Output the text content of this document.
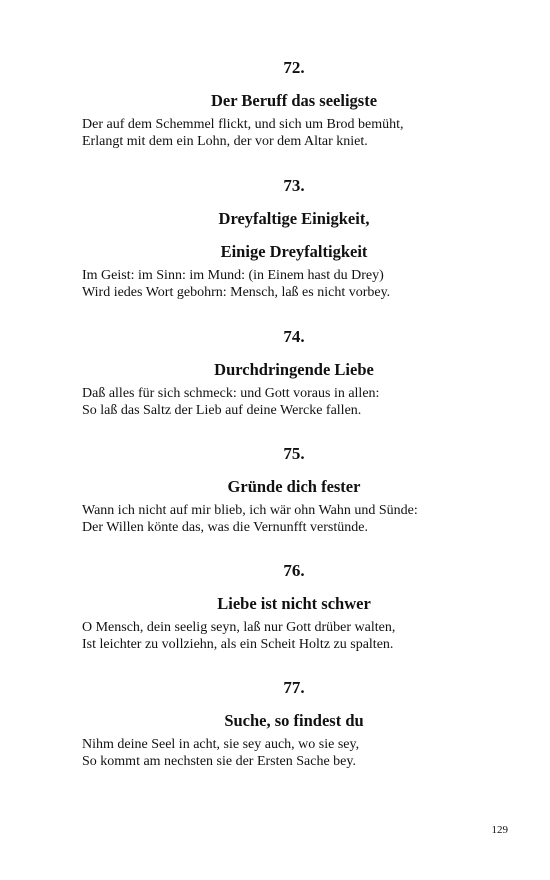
72.
Der Beruff das seeligste
Der auf dem Schemmel flickt, und sich um Brod bemüht,
Erlangt mit dem ein Lohn, der vor dem Altar kniet.
73.
Dreyfaltige Einigkeit,
Einige Dreyfaltigkeit
Im Geist: im Sinn: im Mund: (in Einem hast du Drey)
Wird iedes Wort gebohrn: Mensch, laß es nicht vorbey.
74.
Durchdringende Liebe
Daß alles für sich schmeck: und Gott voraus in allen:
So laß das Saltz der Lieb auf deine Wercke fallen.
75.
Gründe dich fester
Wann ich nicht auf mir blieb, ich wär ohn Wahn und Sünde:
Der Willen könte das, was die Vernunfft verstünde.
76.
Liebe ist nicht schwer
O Mensch, dein seelig seyn, laß nur Gott drüber walten,
Ist leichter zu vollziehn, als ein Scheit Holtz zu spalten.
77.
Suche, so findest du
Nihm deine Seel in acht, sie sey auch, wo sie sey,
So kommt am nechsten sie der Ersten Sache bey.
129
